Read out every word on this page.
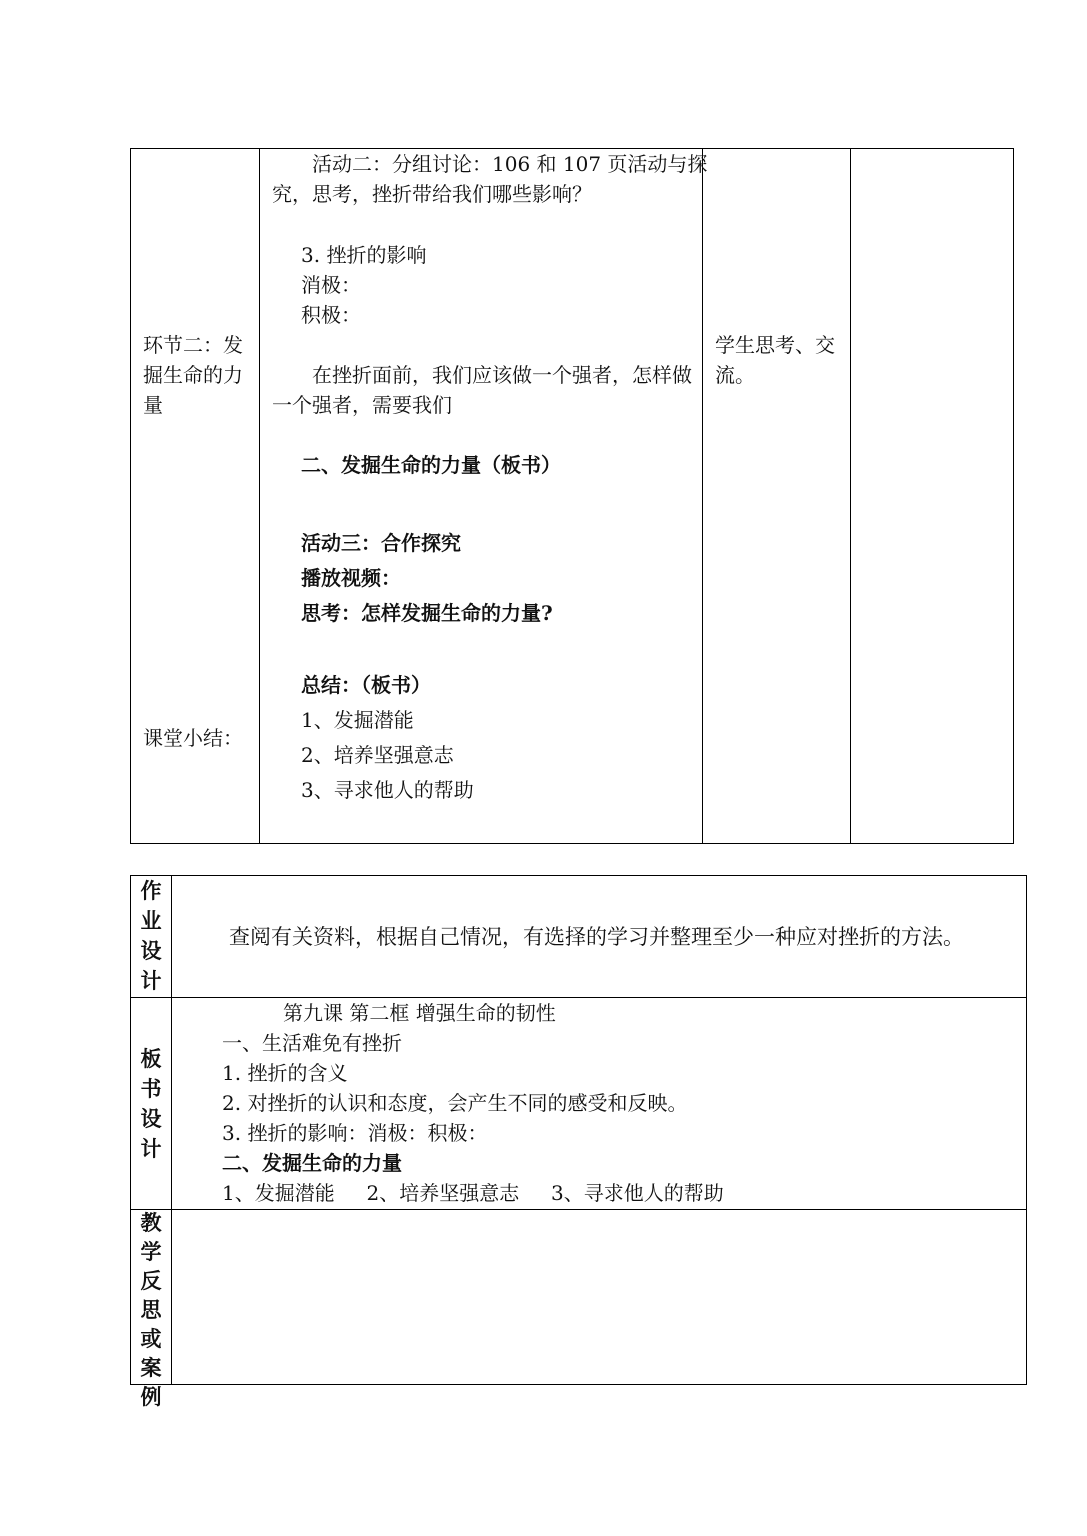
环节二：发
掘生命的力
量
课堂小结：
活动二：分组讨论：106 和 107 页活动与探
究，思考，挫折带给我们哪些影响？
3. 挫折的影响
消极：
积极：
在挫折面前，我们应该做一个强者，怎样做
一个强者，需要我们
二、发掘生命的力量（板书）
活动三：合作探究
播放视频：
思考：怎样发掘生命的力量?
总结：（板书）
1、发掘潜能
2、培养坚强意志
3、寻求他人的帮助
学生思考、交
流。
作业设计
查阅有关资料，根据自己情况，有选择的学习并整理至少一种应对挫折的方法。
板书设计
第九课 第二框 增强生命的韧性
一、生活难免有挫折
1. 挫折的含义
2. 对挫折的认识和态度，会产生不同的感受和反映。
3. 挫折的影响：消极：积极：
二、发掘生命的力量
1、发掘潜能     2、培养坚强意志     3、寻求他人的帮助
教学反思或案例
